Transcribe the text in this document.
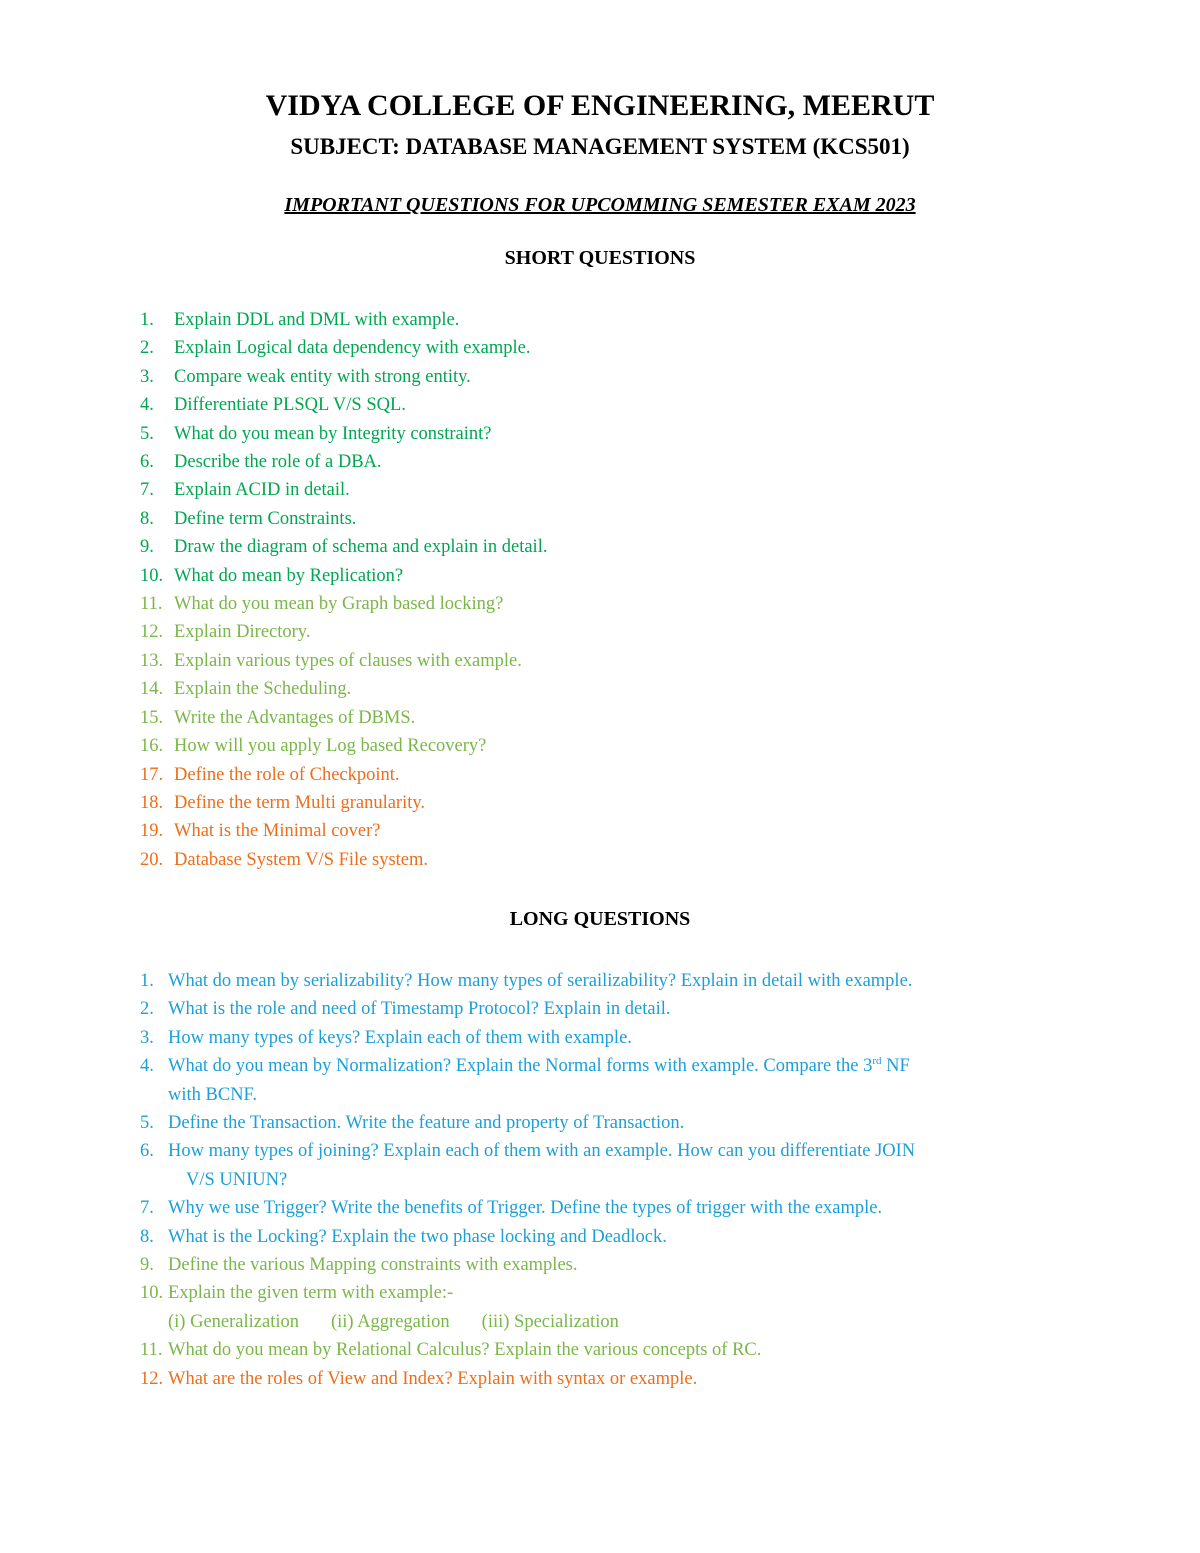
VIDYA COLLEGE OF ENGINEERING, MEERUT
SUBJECT: DATABASE MANAGEMENT SYSTEM (KCS501)
IMPORTANT QUESTIONS FOR UPCOMMING SEMESTER EXAM 2023
SHORT QUESTIONS
1. Explain DDL and DML with example.
2. Explain Logical data dependency with example.
3. Compare weak entity with strong entity.
4. Differentiate PLSQL V/S SQL.
5. What do you mean by Integrity constraint?
6. Describe the role of a DBA.
7. Explain ACID in detail.
8. Define term Constraints.
9. Draw the diagram of schema and explain in detail.
10. What do mean by Replication?
11. What do you mean by Graph based locking?
12. Explain Directory.
13. Explain various types of clauses with example.
14. Explain the Scheduling.
15. Write the Advantages of DBMS.
16. How will you apply Log based Recovery?
17. Define the role of Checkpoint.
18. Define the term Multi granularity.
19. What is the Minimal cover?
20. Database System V/S File system.
LONG QUESTIONS
1. What do mean by serializability? How many types of serailizability? Explain in detail with example.
2. What is the role and need of Timestamp Protocol? Explain in detail.
3. How many types of keys? Explain each of them with example.
4. What do you mean by Normalization? Explain the Normal forms with example. Compare the 3rd NF
with BCNF.
5. Define the Transaction. Write the feature and property of Transaction.
6. How many types of joining? Explain each of them with an example. How can you differentiate JOIN
V/S UNIUN?
7. Why we use Trigger? Write the benefits of Trigger. Define the types of trigger with the example.
8. What is the Locking? Explain the two phase locking and Deadlock.
9. Define the various Mapping constraints with examples.
10. Explain the given term with example:-
(i) Generalization (ii) Aggregation (iii) Specialization
11. What do you mean by Relational Calculus? Explain the various concepts of RC.
12. What are the roles of View and Index? Explain with syntax or example.
